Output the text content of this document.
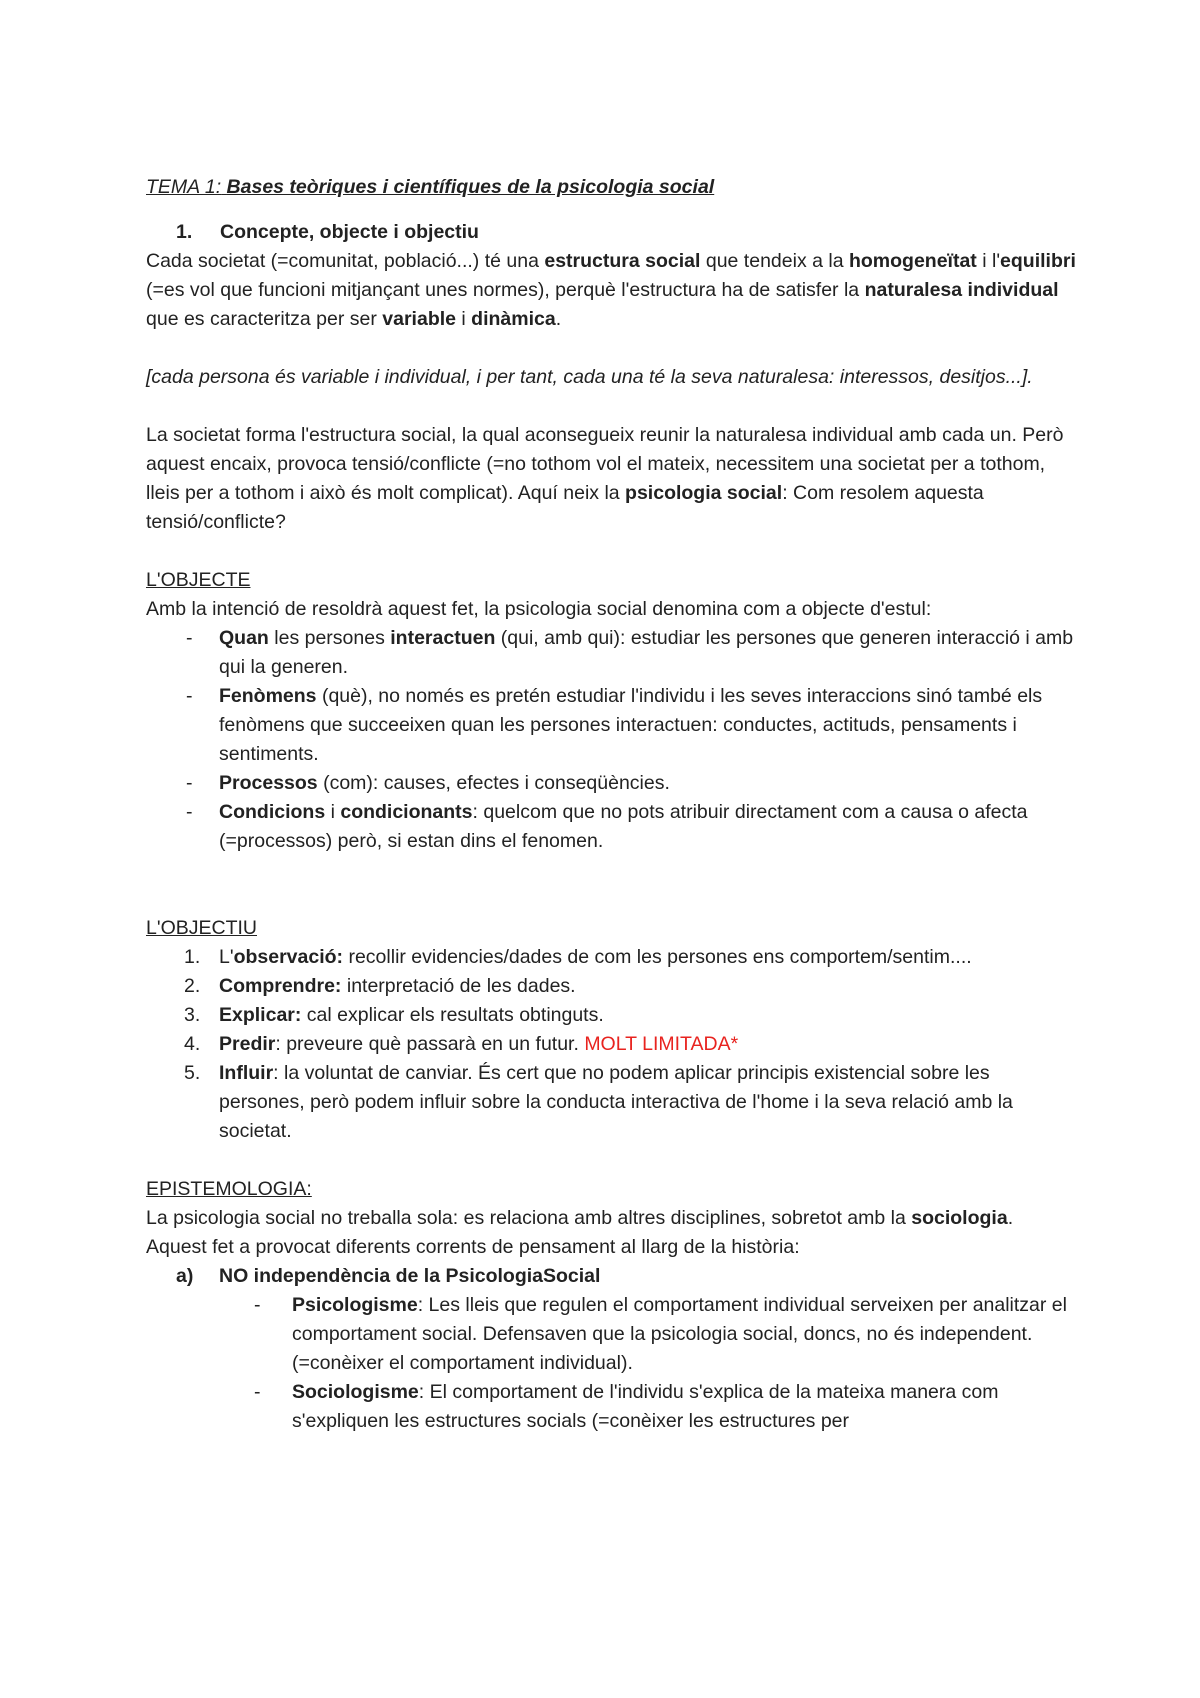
TEMA 1: Bases teòriques i científiques de la psicologia social

1. Concepte, objecte i objectiu

Cada societat (=comunitat, població...) té una estructura social que tendeix a la homogeneïtat i l'equilibri (=es vol que funcioni mitjançant unes normes), perquè l'estructura ha de satisfer la naturalesa individual que es caracteritza per ser variable i dinàmica.

[cada persona és variable i individual, i per tant, cada una té la seva naturalesa: interessos, desitjos...].

La societat forma l'estructura social, la qual aconsegueix reunir la naturalesa individual amb cada un. Però aquest encaix, provoca tensió/conflicte (=no tothom vol el mateix, necessitem una societat per a tothom, lleis per a tothom i això és molt complicat). Aquí neix la psicologia social: Com resolem aquesta tensió/conflicte?

L'OBJECTE

Amb la intenció de resoldrà aquest fet, la psicologia social denomina com a objecte d'estul:

- Quan les persones interactuen (qui, amb qui): estudiar les persones que generen interacció i amb qui la generen.
- Fenòmens (què), no només es pretén estudiar l'individu i les seves interaccions sinó també els fenòmens que succeeixen quan les persones interactuen: conductes, actituds, pensaments i sentiments.
- Processos (com): causes, efectes i conseqüències.
- Condicions i condicionants: quelcom que no pots atribuir directament com a causa o afecta (=processos) però, si estan dins el fenomen.

L'OBJECTIU

1. L'observació: recollir evidencies/dades de com les persones ens comportem/sentim....
2. Comprendre: interpretació de les dades.
3. Explicar: cal explicar els resultats obtinguts.
4. Predir: preveure què passarà en un futur. MOLT LIMITADA*
5. Influir: la voluntat de canviar. És cert que no podem aplicar principis existencial sobre les persones, però podem influir sobre la conducta interactiva de l'home i la seva relació amb la societat.

EPISTEMOLOGIA:

La psicologia social no treballa sola: es relaciona amb altres disciplines, sobretot amb la sociologia. Aquest fet a provocat diferents corrents de pensament al llarg de la història:

a) NO independència de la PsicologiaSocial

- Psicologisme: Les lleis que regulen el comportament individual serveixen per analitzar el comportament social. Defensaven que la psicologia social, doncs, no és independent. (=conèixer el comportament individual).
- Sociologisme: El comportament de l'individu s'explica de la mateixa manera com s'expliquen les estructures socials (=conèixer les estructures per
